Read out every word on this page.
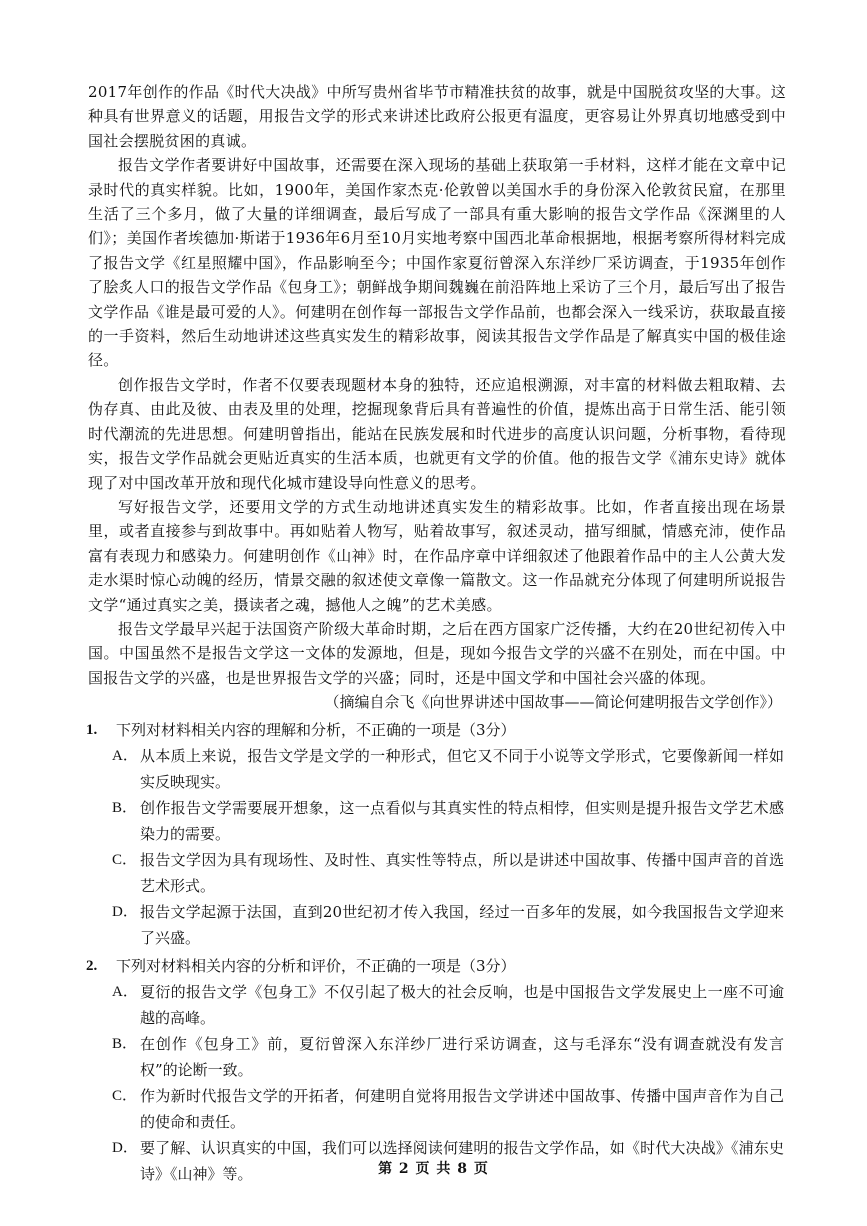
2017年创作的作品《时代大决战》中所写贵州省毕节市精准扶贫的故事，就是中国脱贫攻坚的大事。这种具有世界意义的话题，用报告文学的形式来讲述比政府公报更有温度，更容易让外界真切地感受到中国社会摆脱贫困的真诚。

报告文学作者要讲好中国故事，还需要在深入现场的基础上获取第一手材料，这样才能在文章中记录时代的真实样貌。比如，1900年，美国作家杰克·伦敦曾以美国水手的身份深入伦敦贫民窟，在那里生活了三个多月，做了大量的详细调查，最后写成了一部具有重大影响的报告文学作品《深渊里的人们》；美国作者埃德加·斯诺于1936年6月至10月实地考察中国西北革命根据地，根据考察所得材料完成了报告文学《红星照耀中国》，作品影响至今；中国作家夏衍曾深入东洋纱厂采访调查，于1935年创作了脍炙人口的报告文学作品《包身工》；朝鲜战争期间魏巍在前沿阵地上采访了三个月，最后写出了报告文学作品《谁是最可爱的人》。何建明在创作每一部报告文学作品前，也都会深入一线采访，获取最直接的一手资料，然后生动地讲述这些真实发生的精彩故事，阅读其报告文学作品是了解真实中国的极佳途径。

创作报告文学时，作者不仅要表现题材本身的独特，还应追根溯源，对丰富的材料做去粗取精、去伪存真、由此及彼、由表及里的处理，挖掘现象背后具有普遍性的价值，提炼出高于日常生活、能引领时代潮流的先进思想。何建明曾指出，能站在民族发展和时代进步的高度认识问题，分析事物，看待现实，报告文学作品就会更贴近真实的生活本质，也就更有文学的价值。他的报告文学《浦东史诗》就体现了对中国改革开放和现代化城市建设导向性意义的思考。

写好报告文学，还要用文学的方式生动地讲述真实发生的精彩故事。比如，作者直接出现在场景里，或者直接参与到故事中。再如贴着人物写，贴着故事写，叙述灵动，描写细腻，情感充沛，使作品富有表现力和感染力。何建明创作《山神》时，在作品序章中详细叙述了他跟着作品中的主人公黄大发走水渠时惊心动魄的经历，情景交融的叙述使文章像一篇散文。这一作品就充分体现了何建明所说报告文学“通过真实之美，摄读者之魂，撼他人之魄”的艺术美感。

报告文学最早兴起于法国资产阶级大革命时期，之后在西方国家广泛传播，大约在20世纪初传入中国。中国虽然不是报告文学这一文体的发源地，但是，现如今报告文学的兴盛不在别处，而在中国。中国报告文学的兴盛，也是世界报告文学的兴盛；同时，还是中国文学和中国社会兴盛的体现。

（摘编自佘飞《向世界讲述中国故事——简论何建明报告文学创作》）

1. 下列对材料相关内容的理解和分析，不正确的一项是（3分）

A． 从本质上来说，报告文学是文学的一种形式，但它又不同于小说等文学形式，它要像新闻一样如实反映现实。

B． 创作报告文学需要展开想象，这一点看似与其真实性的特点相悖，但实则是提升报告文学艺术感染力的需要。

C． 报告文学因为具有现场性、及时性、真实性等特点，所以是讲述中国故事、传播中国声音的首选艺术形式。

D． 报告文学起源于法国，直到20世纪初才传入我国，经过一百多年的发展，如今我国报告文学迎来了兴盛。

2. 下列对材料相关内容的分析和评价，不正确的一项是（3分）

A． 夏衍的报告文学《包身工》不仅引起了极大的社会反响，也是中国报告文学发展史上一座不可逾越的高峰。

B． 在创作《包身工》前，夏衍曾深入东洋纱厂进行采访调查，这与毛泽东“没有调查就没有发言权”的论断一致。

C． 作为新时代报告文学的开拓者，何建明自觉将用报告文学讲述中国故事、传播中国声音作为自己的使命和责任。

D． 要了解、认识真实的中国，我们可以选择阅读何建明的报告文学作品，如《时代大决战》《浦东史诗》《山神》等。	第 2 页 共 8 页
